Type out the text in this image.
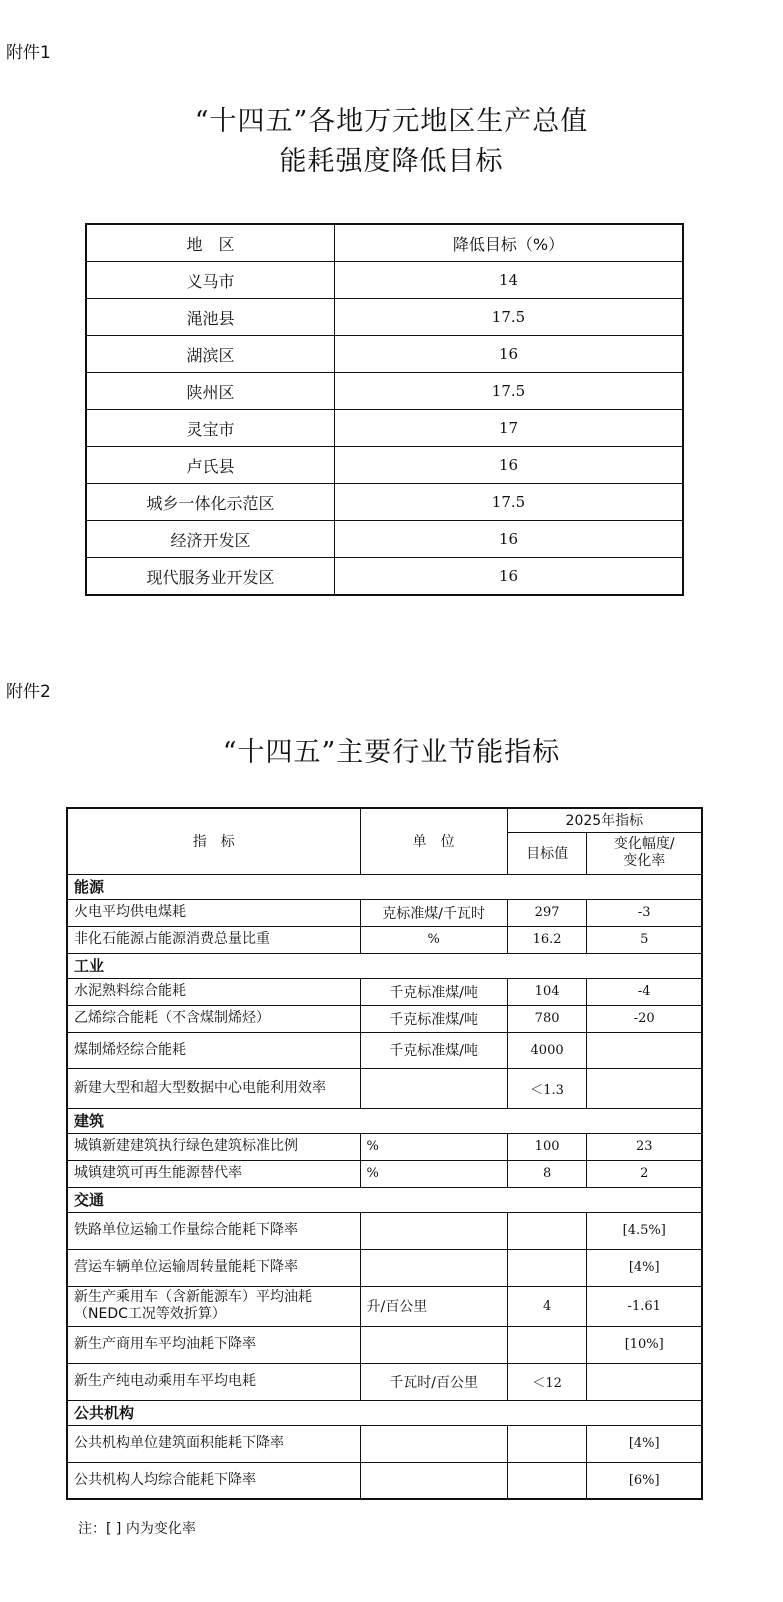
附件1
“十四五”各地万元地区生产总值
能耗强度降低目标
地　区	降低目标（%）
义马市	14
渑池县	17.5
湖滨区	16
陕州区	17.5
灵宝市	17
卢氏县	16
城乡一体化示范区	17.5
经济开发区	16
现代服务业开发区	16
附件2
“十四五”主要行业节能指标
指　标	单　位	2025年指标	
		目标值	变化幅度/
变化率

能源			
火电平均供电煤耗	克标准煤/千瓦时	297	-3
非化石能源占能源消费总量比重	%	16.2	5
工业			
水泥熟料综合能耗	千克标准煤/吨	104	-4
乙烯综合能耗（不含煤制烯烃）	千克标准煤/吨	780	-20
煤制烯烃综合能耗	千克标准煤/吨	4000	
新建大型和超大型数据中心电能利用效率		＜1.3	
建筑			
城镇新建建筑执行绿色建筑标准比例	%	100	23
城镇建筑可再生能源替代率	%	8	2
交通			
铁路单位运输工作量综合能耗下降率			[4.5%]
营运车辆单位运输周转量能耗下降率			[4%]
新生产乘用车（含新能源车）平均油耗（NEDC工况等效折算）	升/百公里	4	-1.61
新生产商用车平均油耗下降率			[10%]
新生产纯电动乘用车平均电耗	千瓦时/百公里	＜12	
公共机构			
公共机构单位建筑面积能耗下降率			[4%]
公共机构人均综合能耗下降率			[6%]
注：[ ] 内为变化率
